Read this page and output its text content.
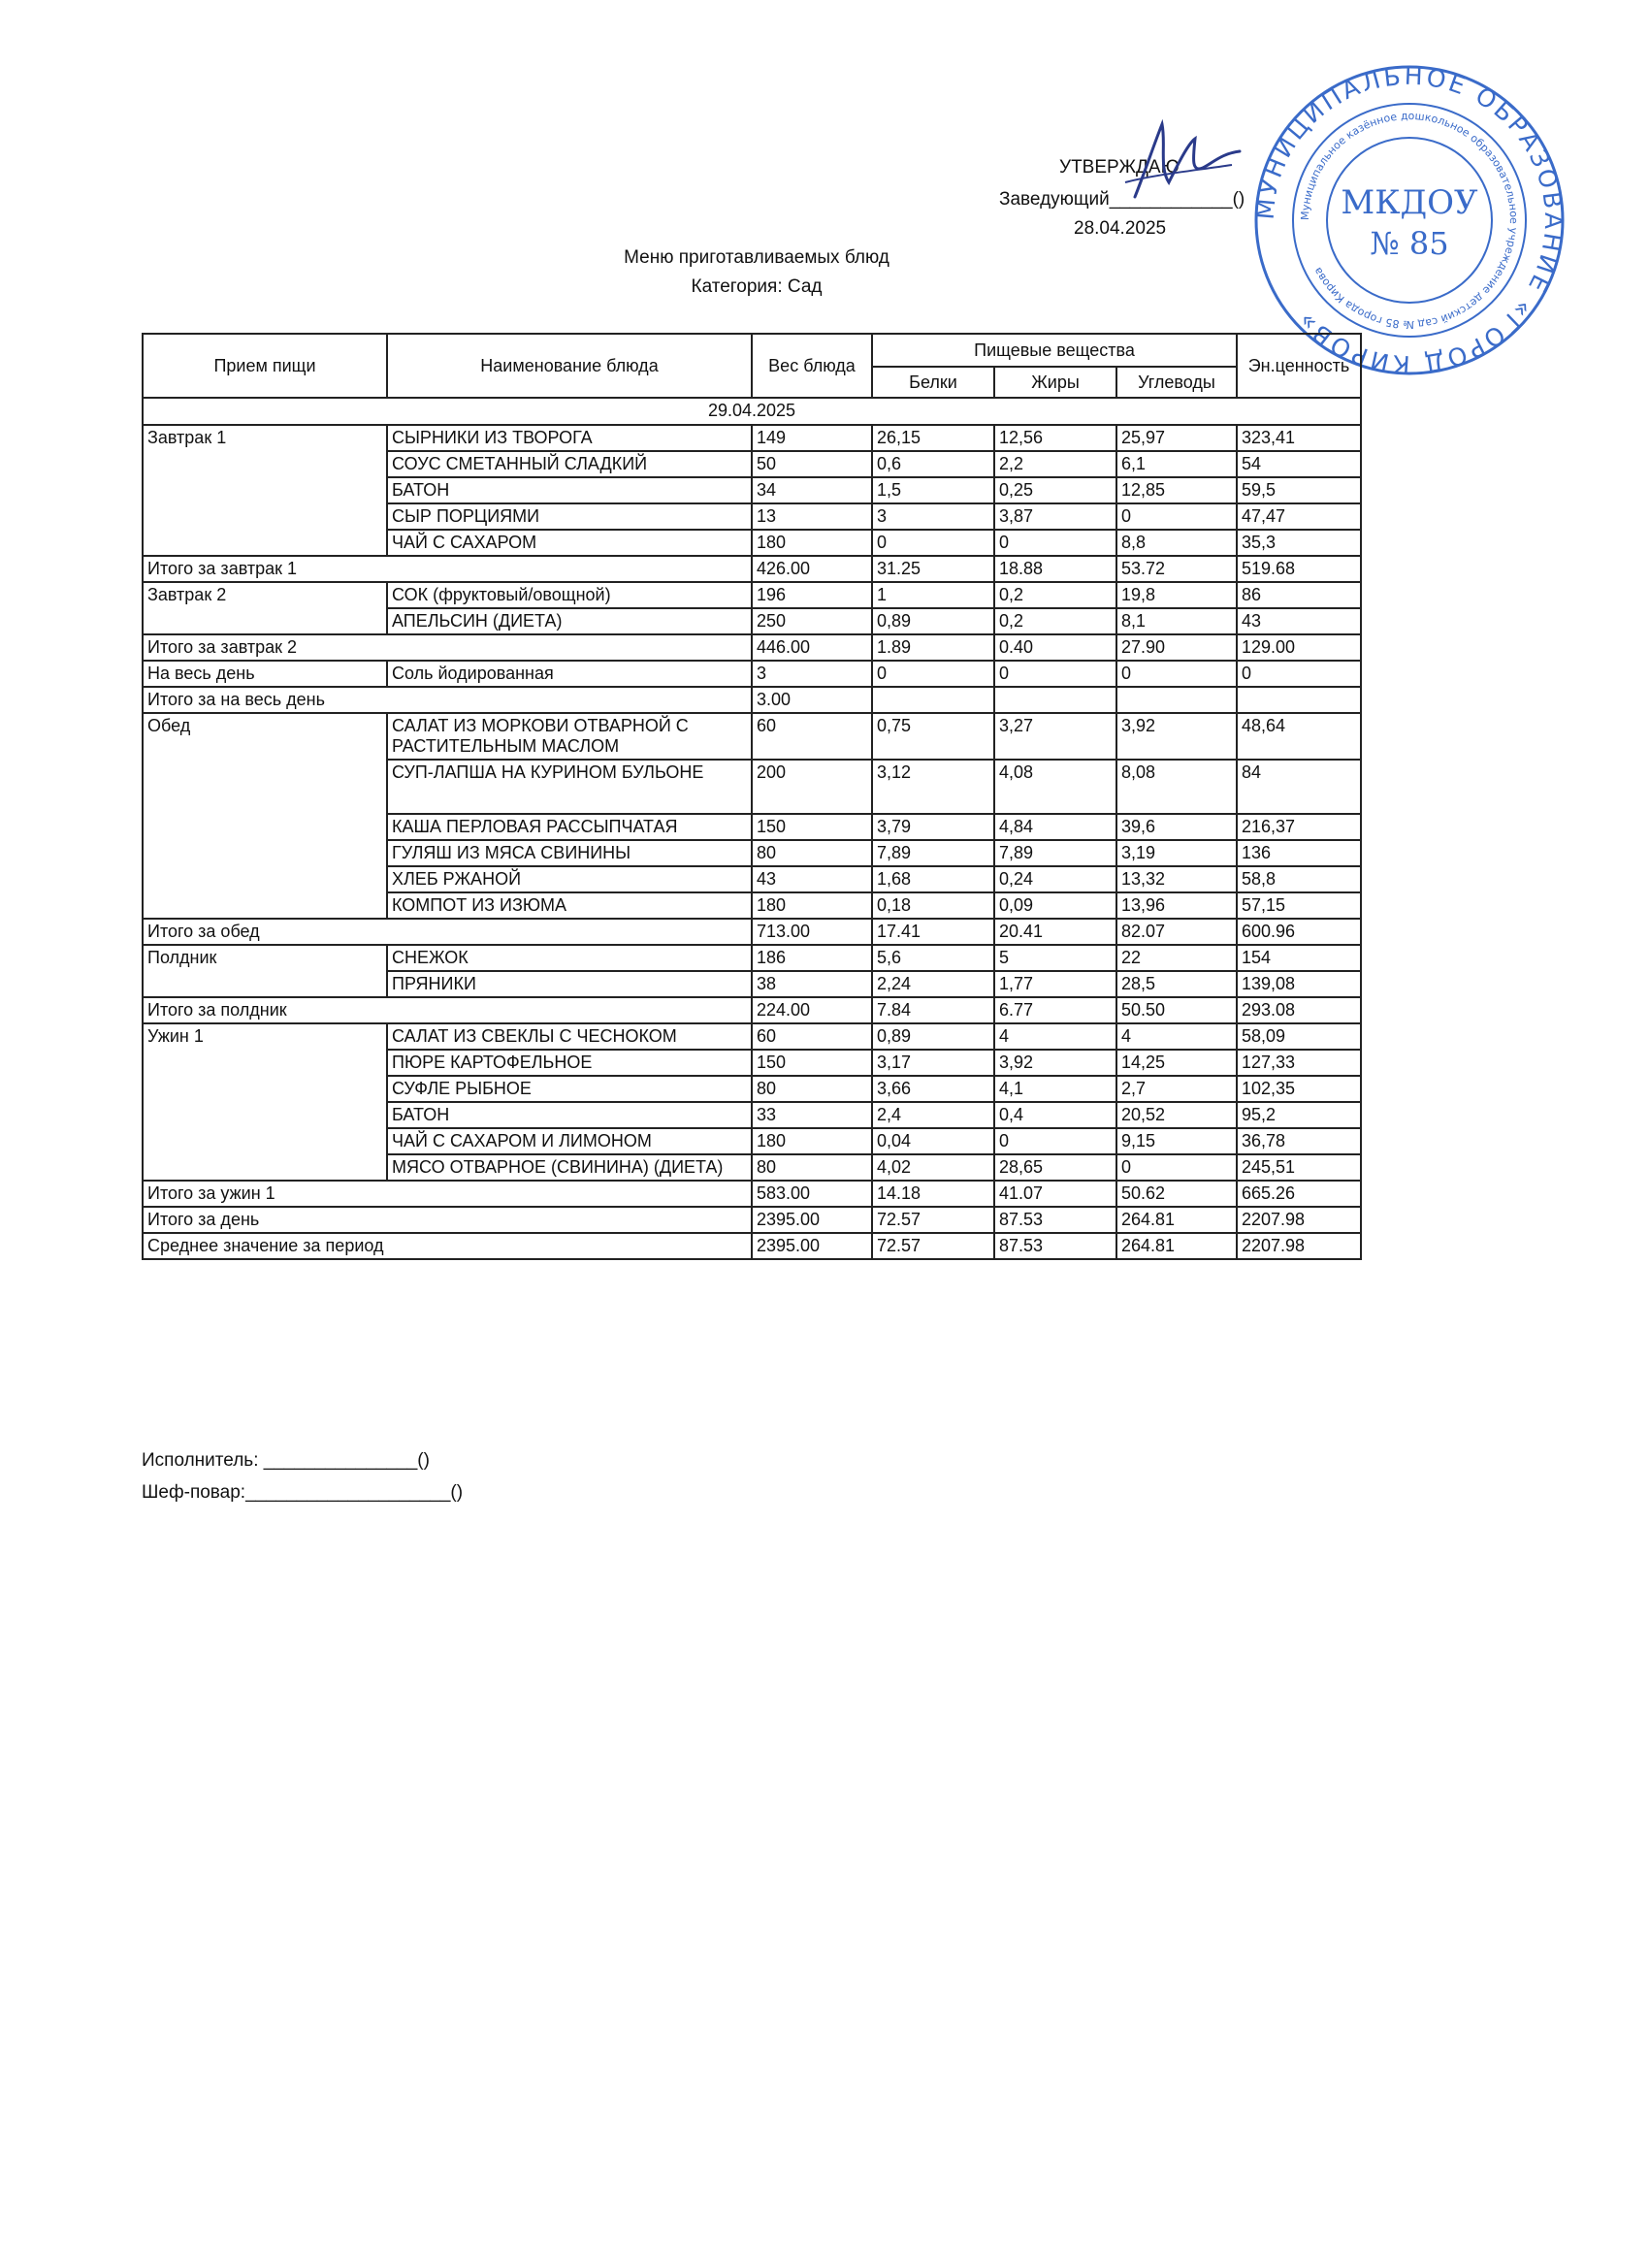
УТВЕРЖДАЮ
Заведующий____________()
28.04.2025
МУНИЦИПАЛЬНОЕ ОБРАЗОВАНИЕ «ГОРОД КИРОВ»
Муниципальное казённое дошкольное образовательное учреждение детский сад № 85 города Кирова
МКДОУ
№ 85
Меню приготавливаемых блюд
Категория: Сад
Прием пищи	Наименование блюда	Вес блюда	Пищевые вещества			Эн.ценность
			Белки	Жиры	Углеводы	
29.04.2025						
Завтрак 1	СЫРНИКИ ИЗ ТВОРОГА	149	26,15	12,56	25,97	323,41
	СОУС СМЕТАННЫЙ СЛАДКИЙ	50	0,6	2,2	6,1	54
	БАТОН	34	1,5	0,25	12,85	59,5
	СЫР ПОРЦИЯМИ	13	3	3,87	0	47,47
	ЧАЙ С САХАРОМ	180	0	0	8,8	35,3
Итого за завтрак 1		426.00	31.25	18.88	53.72	519.68
Завтрак 2	СОК (фруктовый/овощной)	196	1	0,2	19,8	86
	АПЕЛЬСИН (ДИЕТА)	250	0,89	0,2	8,1	43
Итого за завтрак 2		446.00	1.89	0.40	27.90	129.00
На весь день	Соль йодированная	3	0	0	0	0
Итого за на весь день		3.00				
Обед	САЛАТ ИЗ МОРКОВИ ОТВАРНОЙ С РАСТИТЕЛЬНЫМ МАСЛОМ	60	0,75	3,27	3,92	48,64
	СУП-ЛАПША НА КУРИНОМ БУЛЬОНЕ	200	3,12	4,08	8,08	84
	КАША ПЕРЛОВАЯ РАССЫПЧАТАЯ	150	3,79	4,84	39,6	216,37
	ГУЛЯШ ИЗ МЯСА СВИНИНЫ	80	7,89	7,89	3,19	136
	ХЛЕБ РЖАНОЙ	43	1,68	0,24	13,32	58,8
	КОМПОТ ИЗ ИЗЮМА	180	0,18	0,09	13,96	57,15
Итого за обед		713.00	17.41	20.41	82.07	600.96
Полдник	СНЕЖОК	186	5,6	5	22	154
	ПРЯНИКИ	38	2,24	1,77	28,5	139,08
Итого за полдник		224.00	7.84	6.77	50.50	293.08
Ужин 1	САЛАТ ИЗ СВЕКЛЫ С ЧЕСНОКОМ	60	0,89	4	4	58,09
	ПЮРЕ КАРТОФЕЛЬНОЕ	150	3,17	3,92	14,25	127,33
	СУФЛЕ РЫБНОЕ	80	3,66	4,1	2,7	102,35
	БАТОН	33	2,4	0,4	20,52	95,2
	ЧАЙ С САХАРОМ И ЛИМОНОМ	180	0,04	0	9,15	36,78
	МЯСО ОТВАРНОЕ (СВИНИНА) (ДИЕТА)	80	4,02	28,65	0	245,51
Итого за ужин 1		583.00	14.18	41.07	50.62	665.26
Итого за день		2395.00	72.57	87.53	264.81	2207.98
Среднее значение за период		2395.00	72.57	87.53	264.81	2207.98
Исполнитель: _______________()
Шеф-повар:____________________()
